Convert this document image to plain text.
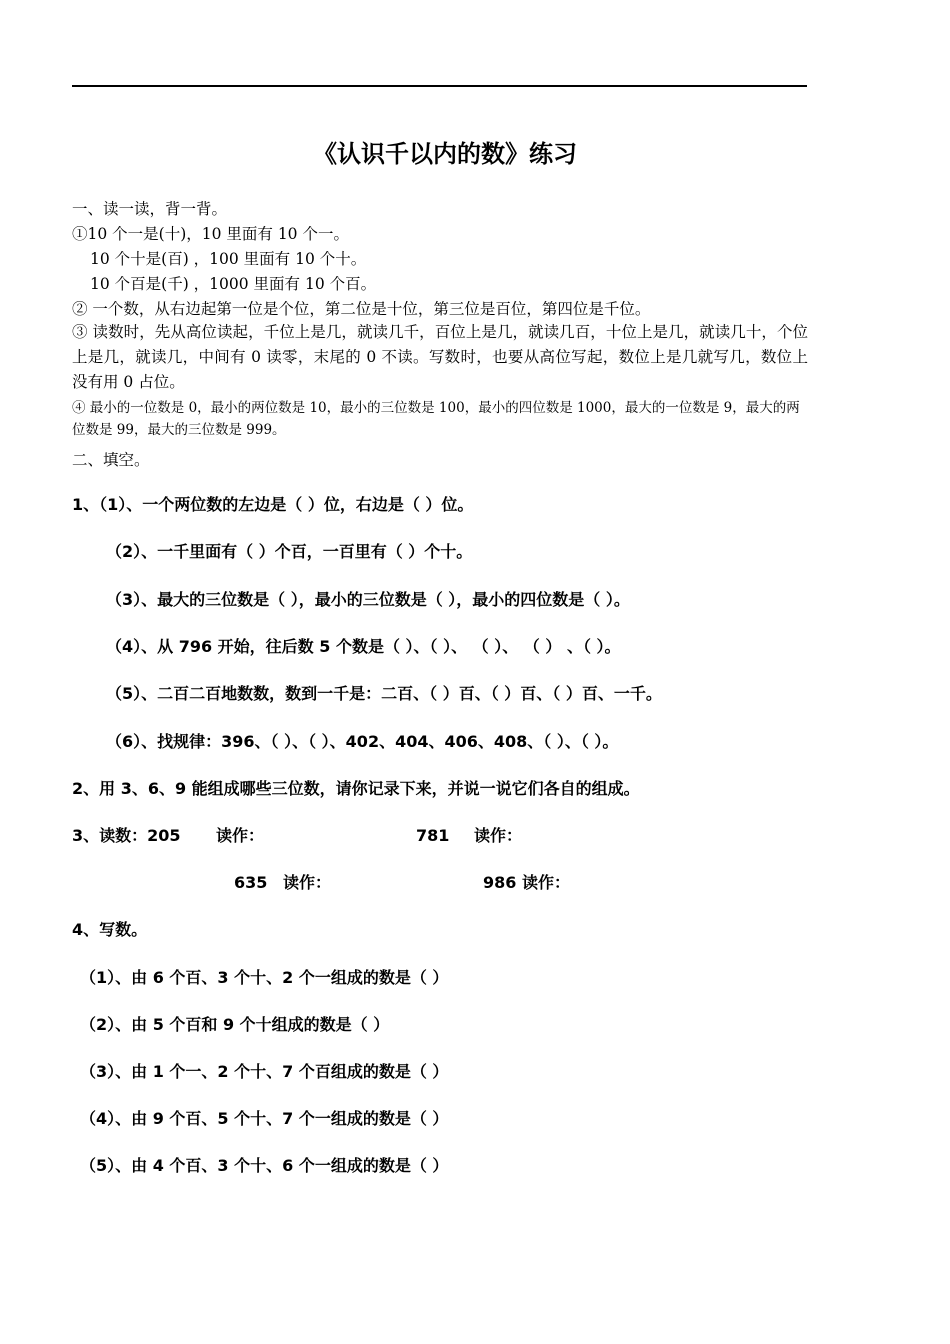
《认识千以内的数》练习
一、读一读，背一背。
①10 个一是(十)，10 里面有 10 个一。
10 个十是(百) ，100 里面有 10 个十。
10 个百是(千) ，1000 里面有 10 个百。
② 一个数，从右边起第一位是个位，第二位是十位，第三位是百位，第四位是千位。
③ 读数时，先从高位读起，千位上是几，就读几千，百位上是几，就读几百，十位上是几，就读几十，个位上是几，就读几，中间有 0 读零，末尾的 0 不读。写数时，也要从高位写起，数位上是几就写几，数位上没有用 0 占位。
④ 最小的一位数是 0，最小的两位数是 10，最小的三位数是 100，最小的四位数是 1000，最大的一位数是 9，最大的两位数是 99，最大的三位数是 999。
二、填空。
1、（1）、一个两位数的左边是（ ）位，右边是（ ）位。
（2）、一千里面有（ ）个百，一百里有（ ）个十。
（3）、最大的三位数是（ ），最小的三位数是（ ），最小的四位数是（ ）。
（4）、从 796 开始，往后数 5 个数是（ ）、（ ）、 （ ）、 （ ） 、（ ）。
（5）、二百二百地数数，数到一千是：二百、（ ）百、（ ）百、（ ）百、一千。
（6）、找规律：396、（ ）、（ ）、402、404、406、408、（ ）、（ ）。
2、用 3、6、9 能组成哪些三位数，请你记录下来，并说一说它们各自的组成。
3、读数：205 读作：	781 读作：
635 读作：	986 读作：
4、写数。
（1）、由 6 个百、3 个十、2 个一组成的数是（ ）
（2）、由 5 个百和 9 个十组成的数是（ ）
（3）、由 1 个一、2 个十、7 个百组成的数是（ ）
（4）、由 9 个百、5 个十、7 个一组成的数是（ ）
（5）、由 4 个百、3 个十、6 个一组成的数是（ ）
